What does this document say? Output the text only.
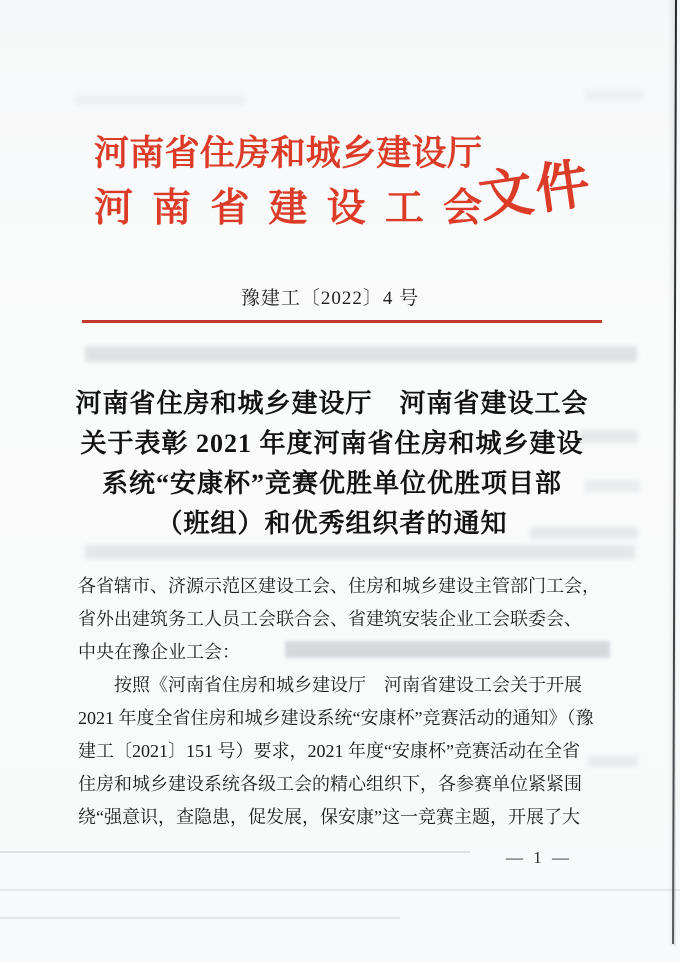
河南省住房和城乡建设厅
河南省建设工会
文件
豫建工〔2022〕4 号
河南省住房和城乡建设厅　河南省建设工会
关于表彰 2021 年度河南省住房和城乡建设
系统“安康杯”竞赛优胜单位优胜项目部
（班组）和优秀组织者的通知
各省辖市、济源示范区建设工会、住房和城乡建设主管部门工会，
省外出建筑务工人员工会联合会、省建筑安装企业工会联委会、
中央在豫企业工会：
　　按照《河南省住房和城乡建设厅　河南省建设工会关于开展
2021 年度全省住房和城乡建设系统“安康杯”竞赛活动的通知》（豫
建工〔2021〕151 号）要求，2021 年度“安康杯”竞赛活动在全省
住房和城乡建设系统各级工会的精心组织下，各参赛单位紧紧围
绕“强意识，查隐患，促发展，保安康”这一竞赛主题，开展了大
— 1 —
